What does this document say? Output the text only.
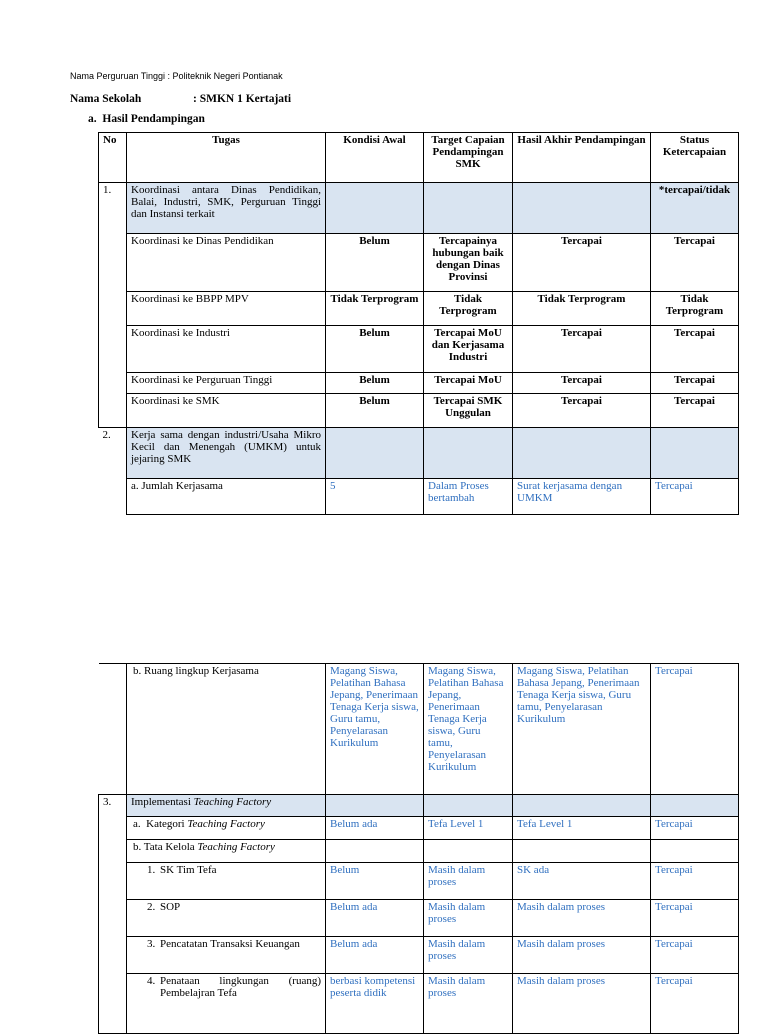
Nama Perguruan Tinggi : Politeknik Negeri Pontianak
Nama Sekolah	: SMKN 1 Kertajati
a.  Hasil Pendampingan
No	Tugas	Kondisi Awal	Target Capaian Pendampingan SMK	Hasil Akhir Pendampingan	Status Ketercapaian
1.	Koordinasi antara Dinas Pendidikan, Balai, Industri, SMK, Perguruan Tinggi dan Instansi terkait				*tercapai/tidak
	Koordinasi ke Dinas Pendidikan	Belum	Tercapainya hubungan baik dengan Dinas Provinsi	Tercapai	Tercapai
	Koordinasi ke BBPP MPV	Tidak Terprogram	Tidak Terprogram	Tidak Terprogram	Tidak Terprogram
	Koordinasi ke Industri	Belum	Tercapai MoU dan Kerjasama Industri	Tercapai	Tercapai
	Koordinasi ke Perguruan Tinggi	Belum	Tercapai MoU	Tercapai	Tercapai
	Koordinasi ke SMK	Belum	Tercapai SMK Unggulan	Tercapai	Tercapai
2.	Kerja sama dengan industri/Usaha Mikro Kecil dan Menengah (UMKM) untuk jejaring SMK				
	a. Jumlah Kerjasama	5	Dalam Proses bertambah	Surat kerjasama dengan UMKM	Tercapai
	b. Ruang lingkup Kerjasama	Magang Siswa, Pelatihan Bahasa Jepang, Penerimaan Tenaga Kerja siswa, Guru tamu, Penyelarasan Kurikulum	Magang Siswa, Pelatihan Bahasa Jepang, Penerimaan Tenaga Kerja siswa, Guru tamu, Penyelarasan Kurikulum	Magang Siswa, Pelatihan Bahasa Jepang, Penerimaan Tenaga Kerja siswa, Guru tamu, Penyelarasan Kurikulum	Tercapai
3.	Implementasi Teaching Factory				
	a.  Kategori Teaching Factory	Belum ada	Tefa Level 1	Tefa Level 1	Tercapai
	b. Tata Kelola Teaching Factory				
	1. SK Tim Tefa	Belum	Masih dalam proses	SK ada	Tercapai
	2. SOP	Belum ada	Masih dalam proses	Masih dalam proses	Tercapai
	3. Pencatatan Transaksi Keuangan	Belum ada	Masih dalam proses	Masih dalam proses	Tercapai

	4. Penataan lingkungan (ruang) Pembelajran Tefa	berbasi kompetensi peserta didik	Masih dalam proses	Masih dalam proses	Tercapai
